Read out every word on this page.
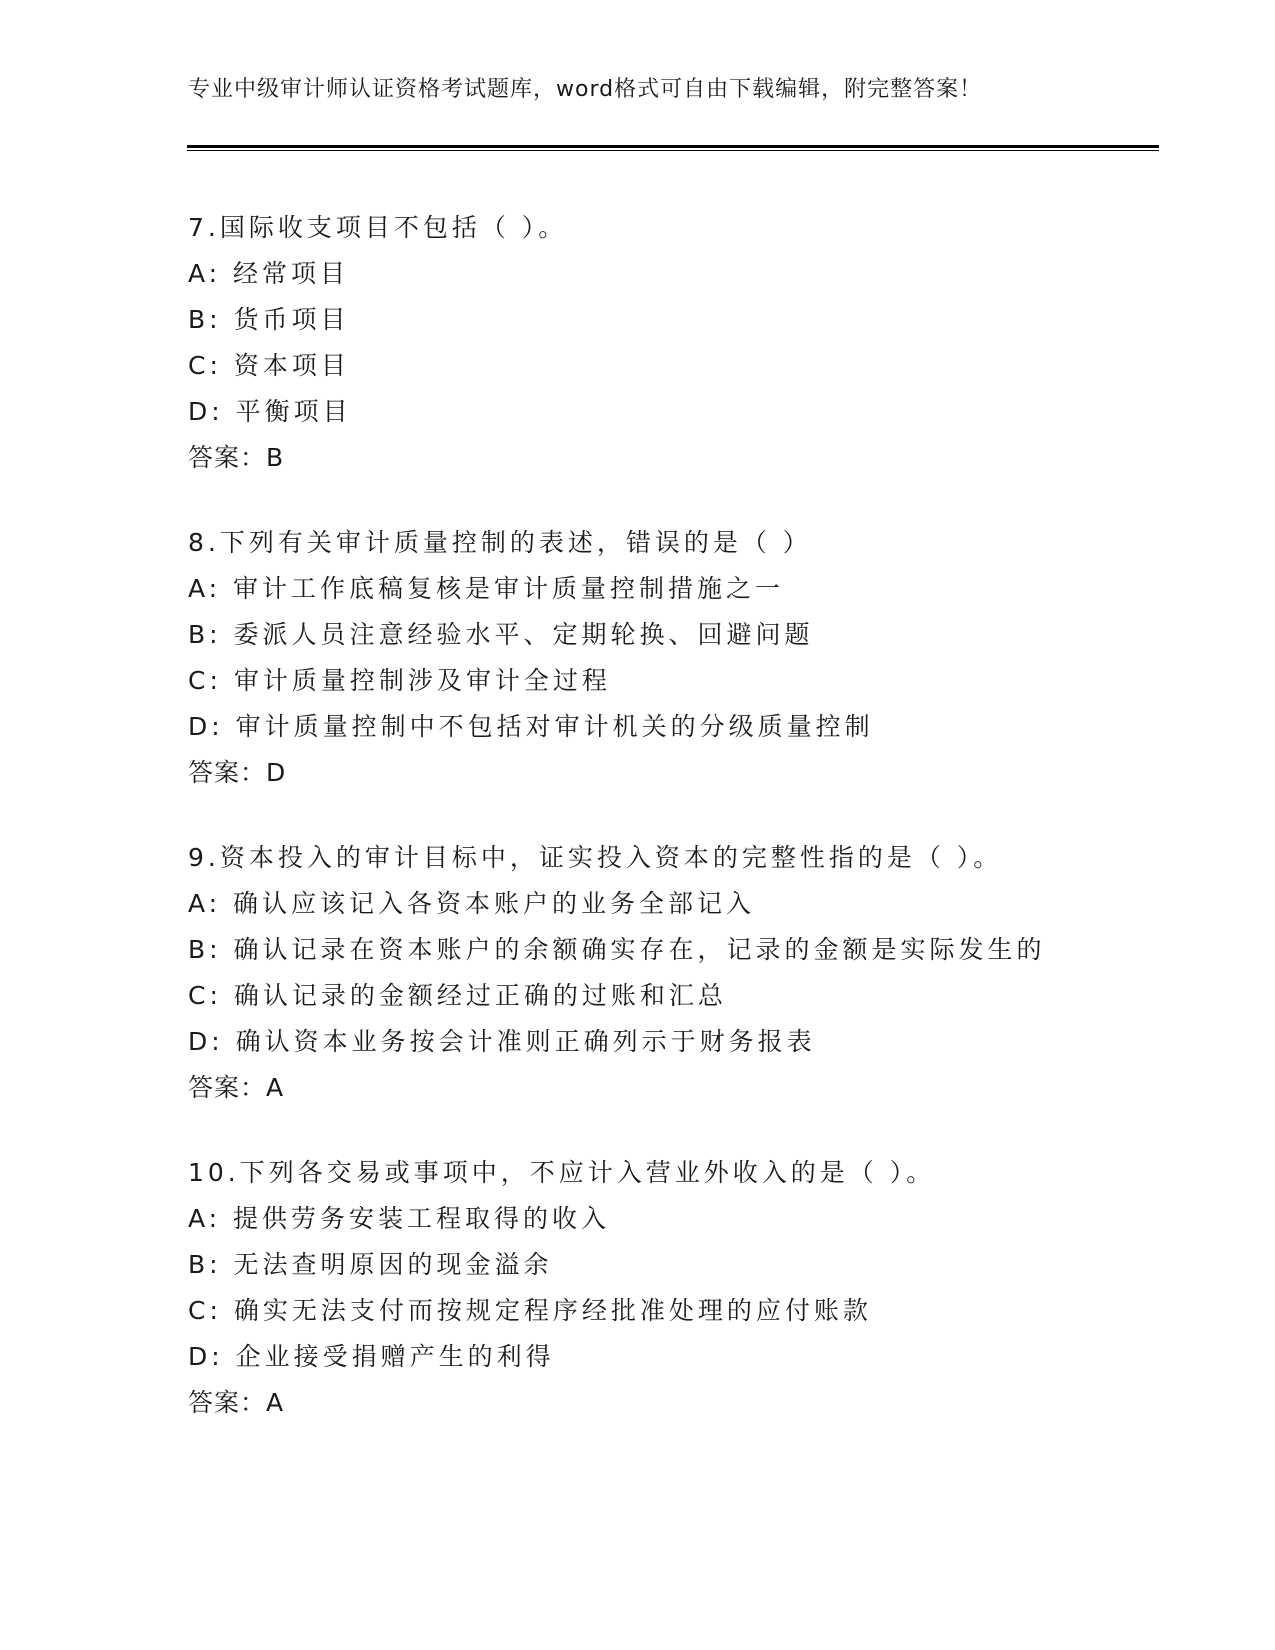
专业中级审计师认证资格考试题库，word格式可自由下载编辑，附完整答案！
7.国际收支项目不包括（ ）。
A: 经常项目
B: 货币项目
C: 资本项目
D: 平衡项目
答案：B
8.下列有关审计质量控制的表述，错误的是（ ）
A: 审计工作底稿复核是审计质量控制措施之一
B: 委派人员注意经验水平、定期轮换、回避问题
C: 审计质量控制涉及审计全过程
D: 审计质量控制中不包括对审计机关的分级质量控制
答案：D
9.资本投入的审计目标中，证实投入资本的完整性指的是（ ）。
A: 确认应该记入各资本账户的业务全部记入
B: 确认记录在资本账户的余额确实存在，记录的金额是实际发生的
C: 确认记录的金额经过正确的过账和汇总
D: 确认资本业务按会计准则正确列示于财务报表
答案：A
10.下列各交易或事项中，不应计入营业外收入的是（ ）。
A: 提供劳务安装工程取得的收入
B: 无法查明原因的现金溢余
C: 确实无法支付而按规定程序经批准处理的应付账款
D: 企业接受捐赠产生的利得
答案：A
